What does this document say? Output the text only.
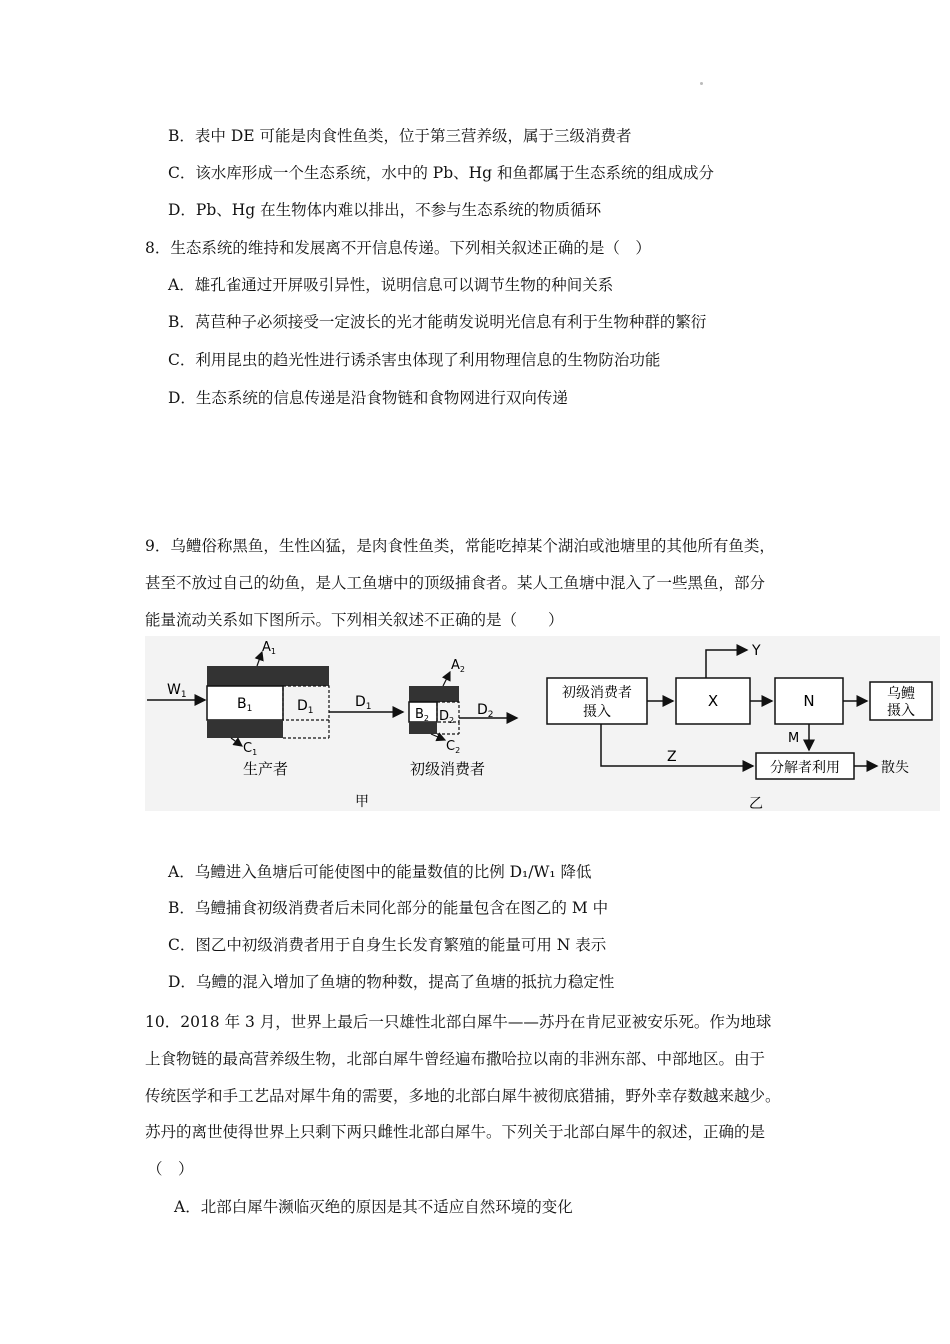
B．表中 DE 可能是肉食性鱼类，位于第三营养级，属于三级消费者
C．该水库形成一个生态系统，水中的 Pb、Hg 和鱼都属于生态系统的组成成分
D．Pb、Hg 在生物体内难以排出，不参与生态系统的物质循环
8．生态系统的维持和发展离不开信息传递。下列相关叙述正确的是（　）
A．雄孔雀通过开屏吸引异性，说明信息可以调节生物的种间关系
B．莴苣种子必须接受一定波长的光才能萌发说明光信息有利于生物种群的繁衍
C．利用昆虫的趋光性进行诱杀害虫体现了利用物理信息的生物防治功能
D．生态系统的信息传递是沿食物链和食物网进行双向传递
9．乌鳢俗称黑鱼，生性凶猛，是肉食性鱼类，常能吃掉某个湖泊或池塘里的其他所有鱼类，
甚至不放过自己的幼鱼，是人工鱼塘中的顶级捕食者。某人工鱼塘中混入了一些黑鱼，部分
能量流动关系如下图所示。下列相关叙述不正确的是（　　）
$W_1$
$A_1$
$B_1$	$D_1$
$C_1$
生产者
$D_1$
$A_2$
$B_2$ $D_2$
$C_2$
初级消费者
$D_2$
甲
初级消费者
摄入
X
Y
N	乌鳢
摄入
M
Z
分解者利用	散失
乙
A．乌鳢进入鱼塘后可能使图中的能量数值的比例 D₁/W₁ 降低
B．乌鳢捕食初级消费者后未同化部分的能量包含在图乙的 M 中
C．图乙中初级消费者用于自身生长发育繁殖的能量可用 N 表示
D．乌鳢的混入增加了鱼塘的物种数，提高了鱼塘的抵抗力稳定性
10．2018 年 3 月，世界上最后一只雄性北部白犀牛——苏丹在肯尼亚被安乐死。作为地球
上食物链的最高营养级生物，北部白犀牛曾经遍布撒哈拉以南的非洲东部、中部地区。由于
传统医学和手工艺品对犀牛角的需要，多地的北部白犀牛被彻底猎捕，野外幸存数越来越少。
苏丹的离世使得世界上只剩下两只雌性北部白犀牛。下列关于北部白犀牛的叙述，正确的是
（　）
A．北部白犀牛濒临灭绝的原因是其不适应自然环境的变化
